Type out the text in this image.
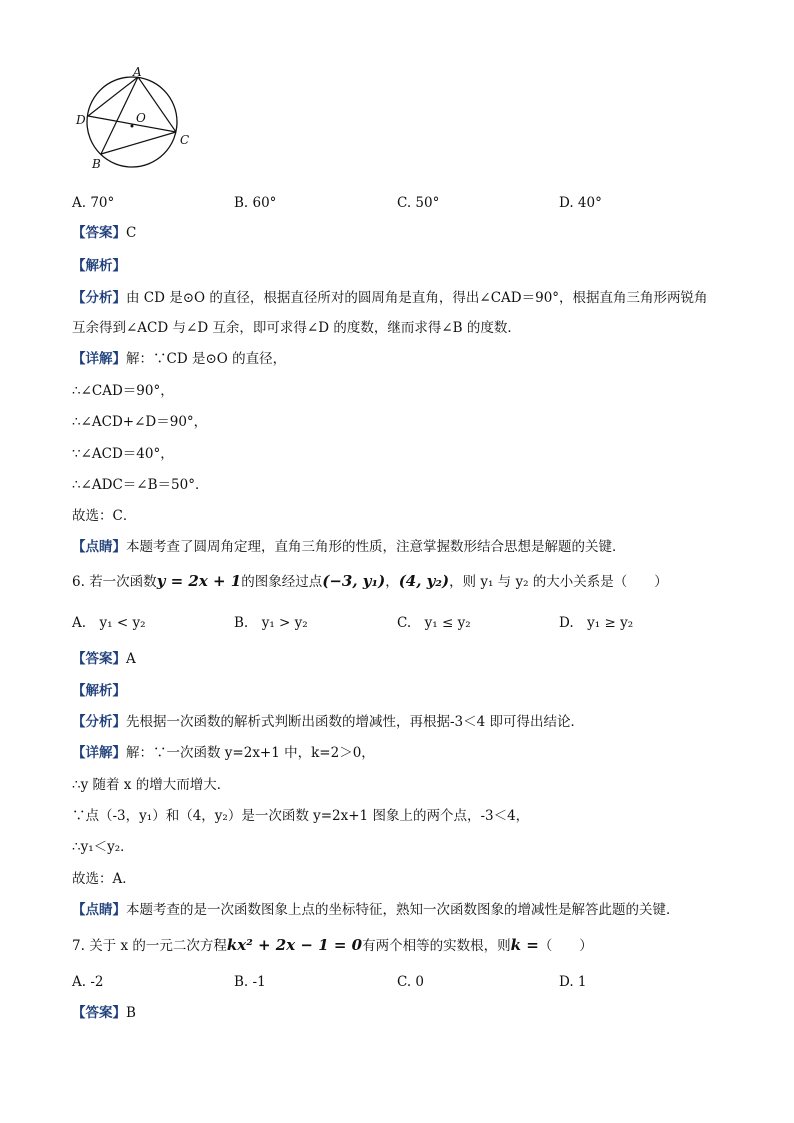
A
D	O
C
B
A. 70°	B. 60°	C. 50°	D. 40°
【答案】C
【解析】
【分析】由 CD 是⊙O 的直径，根据直径所对的圆周角是直角，得出∠CAD＝90°，根据直角三角形两锐角
互余得到∠ACD 与∠D 互余，即可求得∠D 的度数，继而求得∠B 的度数．
【详解】解：∵CD 是⊙O 的直径，
∴∠CAD＝90°，
∴∠ACD+∠D＝90°，
∵∠ACD＝40°，
∴∠ADC＝∠B＝50°．
故选：C．
【点睛】本题考查了圆周角定理，直角三角形的性质，注意掌握数形结合思想是解题的关键．
6. 若一次函数y = 2x + 1的图象经过点(−3, y₁)，(4, y₂)，则 y₁ 与 y₂ 的大小关系是（　　）
A.　y₁ < y₂	B.　y₁ > y₂	C.　y₁ ≤ y₂	D.　y₁ ≥ y₂
【答案】A
【解析】
【分析】先根据一次函数的解析式判断出函数的增减性，再根据-3＜4 即可得出结论．
【详解】解：∵一次函数 y=2x+1 中，k=2＞0，
∴y 随着 x 的增大而增大．
∵点（-3，y₁）和（4，y₂）是一次函数 y=2x+1 图象上的两个点，-3＜4，
∴y₁＜y₂．
故选：A．
【点睛】本题考查的是一次函数图象上点的坐标特征，熟知一次函数图象的增减性是解答此题的关键．
7. 关于 x 的一元二次方程kx² + 2x − 1 = 0有两个相等的实数根，则k =（　　）
A. -2	B. -1	C. 0	D. 1
【答案】B
